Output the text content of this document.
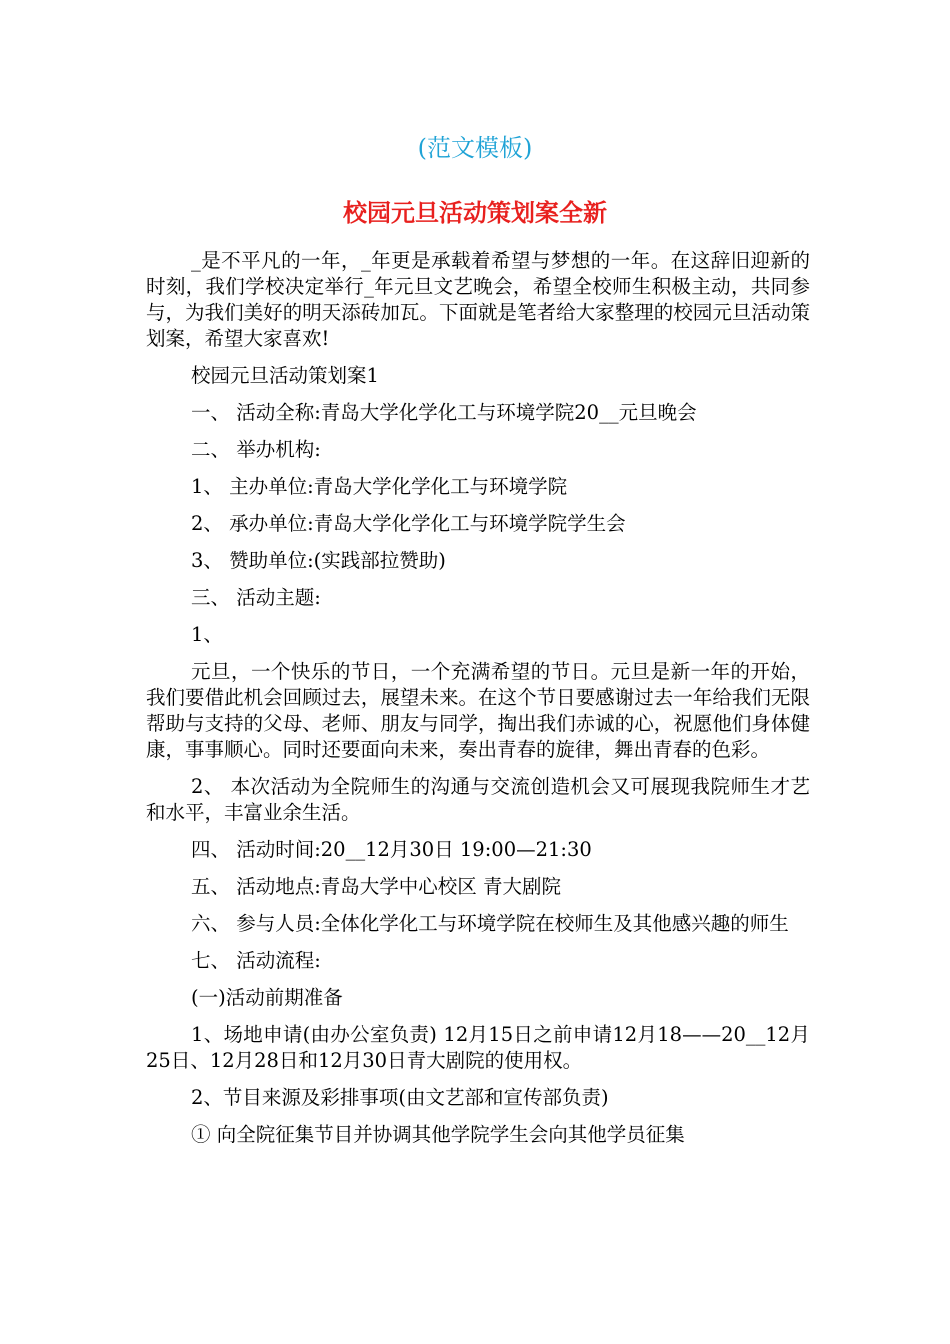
(范文模板)
校园元旦活动策划案全新

_是不平凡的一年，_年更是承载着希望与梦想的一年。在这辞旧迎新的时刻，我们学校决定举行_年元旦文艺晚会，希望全校师生积极主动，共同参与，为我们美好的明天添砖加瓦。下面就是笔者给大家整理的校园元旦活动策划案，希望大家喜欢!

校园元旦活动策划案1

一、 活动全称:青岛大学化学化工与环境学院20__元旦晚会

二、 举办机构:

1、 主办单位:青岛大学化学化工与环境学院

2、 承办单位:青岛大学化学化工与环境学院学生会

3、 赞助单位:(实践部拉赞助)

三、 活动主题:

1、

元旦，一个快乐的节日，一个充满希望的节日。元旦是新一年的开始，我们要借此机会回顾过去，展望未来。在这个节日要感谢过去一年给我们无限帮助与支持的父母、老师、朋友与同学，掏出我们赤诚的心，祝愿他们身体健康，事事顺心。同时还要面向未来，奏出青春的旋律，舞出青春的色彩。

2、 本次活动为全院师生的沟通与交流创造机会又可展现我院师生才艺和水平，丰富业余生活。

四、 活动时间:20__12月30日 19:00—21:30

五、 活动地点:青岛大学中心校区 青大剧院

六、 参与人员:全体化学化工与环境学院在校师生及其他感兴趣的师生

七、 活动流程:

(一)活动前期准备

1、场地申请(由办公室负责) 12月15日之前申请12月18——20__12月25日、12月28日和12月30日青大剧院的使用权。

2、节目来源及彩排事项(由文艺部和宣传部负责)

① 向全院征集节目并协调其他学院学生会向其他学员征集
